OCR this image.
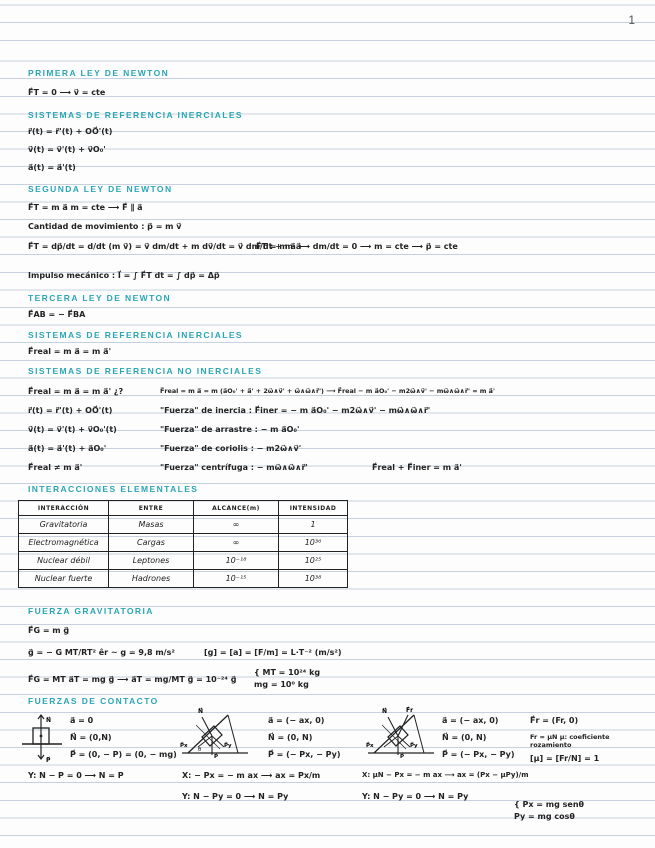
1
PRIMERA LEY DE NEWTON
SISTEMAS DE REFERENCIA INERCIALES
SEGUNDA LEY DE NEWTON
TERCERA LEY DE NEWTON
SISTEMAS DE REFERENCIA INERCIALES
SISTEMAS DE REFERENCIA NO INERCIALES
INTERACCIONES ELEMENTALES
FUERZA GRAVITATORIA
FUERZAS DE CONTACTO
F⃗T = 0 ⟶ v⃗ = cte
r⃗(t) = r⃗'(t) + OO⃗'(t)
v⃗(t) = v⃗'(t) + v⃗O₀'
a⃗(t) = a⃗'(t)
F⃗T = m a⃗ m = cte ⟶ F⃗ ∥ a⃗
Cantidad de movimiento : p⃗ = m v⃗
F⃗T = dp⃗/dt = d/dt (m v⃗) = v⃗ dm/dt + m dv⃗/dt = v⃗ dm/dt + m a⃗
F⃗T = m a⃗ ⟷ dm/dt = 0 ⟶ m = cte ⟶ p⃗ = cte
Impulso mecánico : I⃗ = ∫ F⃗T dt = ∫ dp⃗ = Δp⃗
F⃗AB = − F⃗BA
F⃗real = m a⃗ = m a⃗'
F⃗real = m a⃗ = m a⃗' ¿?	F⃗real = m a⃗ = m (a⃗O₀' + a⃗' + 2ω⃗∧v⃗' + ω⃗∧ω⃗∧r⃗') ⟶ F⃗real − m a⃗O₀' − m2ω⃗∧v⃗' − mω⃗∧ω⃗∧r⃗' = m a⃗'
r⃗(t) = r⃗'(t) + OO⃗'(t)	"Fuerza" de inercia : F⃗iner = − m a⃗O₀' − m2ω⃗∧v⃗' − mω⃗∧ω⃗∧r⃗'
v⃗(t) = v⃗'(t) + v⃗O₀'(t)	"Fuerza" de arrastre : − m a⃗O₀'
a⃗(t) = a⃗'(t) + a⃗O₀'	"Fuerza" de coriolis : − m2ω⃗∧v⃗'
F⃗real ≠ m a⃗'	"Fuerza" centrífuga : − mω⃗∧ω⃗∧r⃗'	F⃗real + F⃗iner = m a⃗'
INTERACCIÓN	ENTRE	ALCANCE(m)	INTENSIDAD
Gravitatoria	Masas	∞	1
Electromagnética	Cargas	∞	10³⁶
Nuclear débil	Leptones	10⁻¹⁸	10²⁵
Nuclear fuerte	Hadrones	10⁻¹⁵	10³⁸
F⃗G = m g⃗
g⃗ = − G MT/RT² êr ~ g = 9,8 m/s²	[g] = [a] = [F/m] = L·T⁻² (m/s²)
F⃗G = MT a⃗T = mg g⃗ ⟶ a⃗T = mg/MT g⃗ = 10⁻²⁴ g⃗
{ MT = 10²⁴ kg
mg = 10⁰ kg
N⃗
P⃗
a⃗ = 0
N⃗ = (0,N)
P⃗ = (0, − P) = (0, − mg)
Y: N − P = 0 ⟶ N = P
N⃗
P⃗x	P⃗y
P⃗
θ
a⃗ = (− ax, 0)
N⃗ = (0, N)
P⃗ = (− Px, − Py)
X: − Px = − m ax ⟶ ax = Px/m
Y: N − Py = 0 ⟶ N = Py
N⃗	F⃗r
P⃗x	P⃗y
P⃗
a⃗ = (− ax, 0)
N⃗ = (0, N)
P⃗ = (− Px, − Py)
X: μN − Px = − m ax ⟶ ax = (Px − μPy)/m
Y: N − Py = 0 ⟶ N = Py
F⃗r = (Fr, 0)
Fr = μN μ: coeficiente rozamiento
[μ] = [Fr/N] = 1
{ Px = mg senθ
Py = mg cosθ
